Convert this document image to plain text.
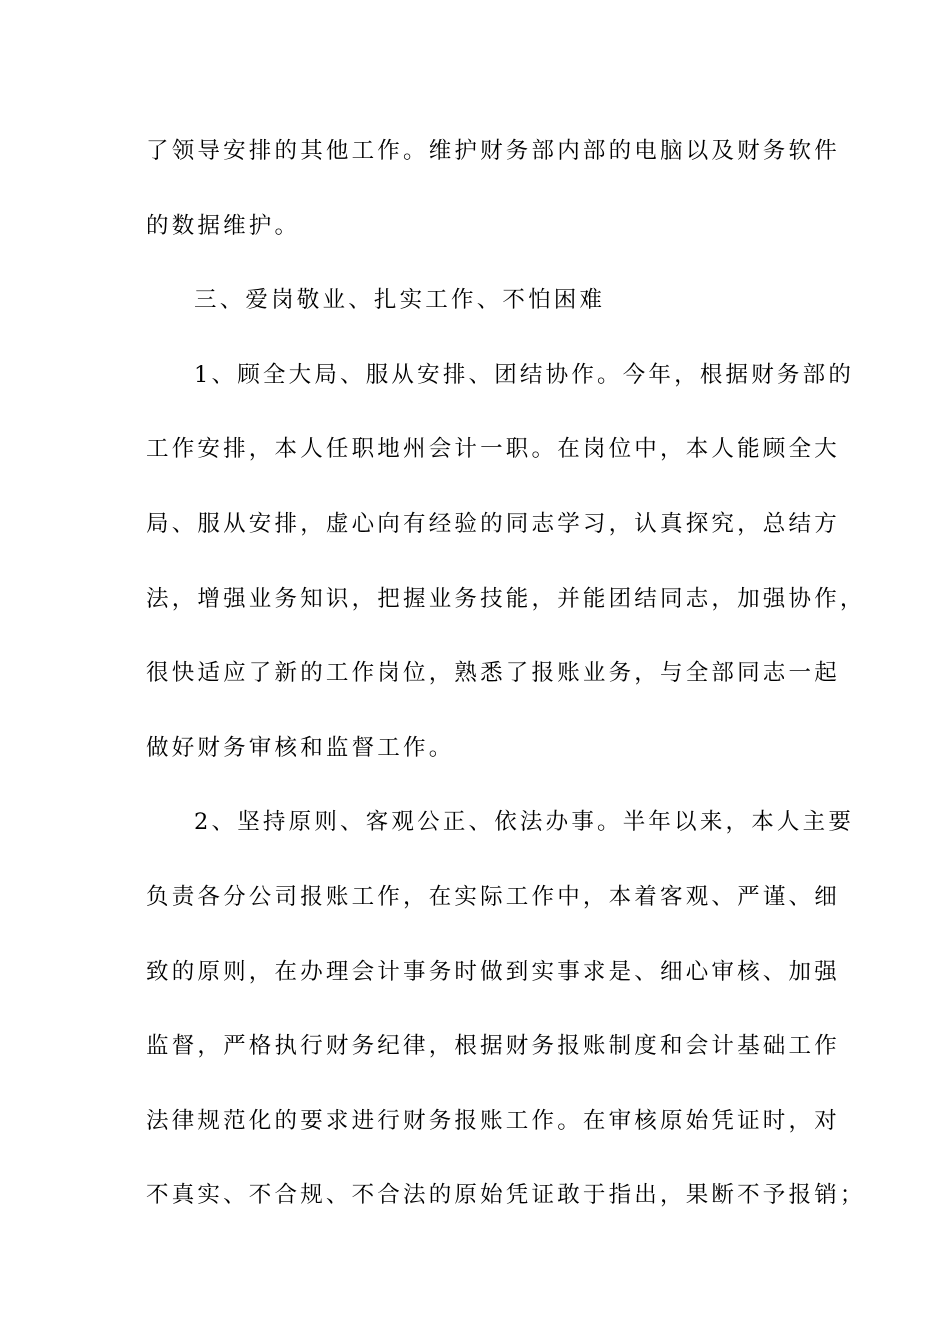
了领导安排的其他工作。维护财务部内部的电脑以及财务软件
的数据维护。
三、爱岗敬业、扎实工作、不怕困难
1、顾全大局、服从安排、团结协作。今年，根据财务部的
工作安排，本人任职地州会计一职。在岗位中，本人能顾全大
局、服从安排，虚心向有经验的同志学习，认真探究，总结方
法，增强业务知识，把握业务技能，并能团结同志，加强协作，
很快适应了新的工作岗位，熟悉了报账业务，与全部同志一起
做好财务审核和监督工作。
2、坚持原则、客观公正、依法办事。半年以来，本人主要
负责各分公司报账工作，在实际工作中，本着客观、严谨、细
致的原则，在办理会计事务时做到实事求是、细心审核、加强
监督，严格执行财务纪律，根据财务报账制度和会计基础工作
法律规范化的要求进行财务报账工作。在审核原始凭证时，对
不真实、不合规、不合法的原始凭证敢于指出，果断不予报销；
